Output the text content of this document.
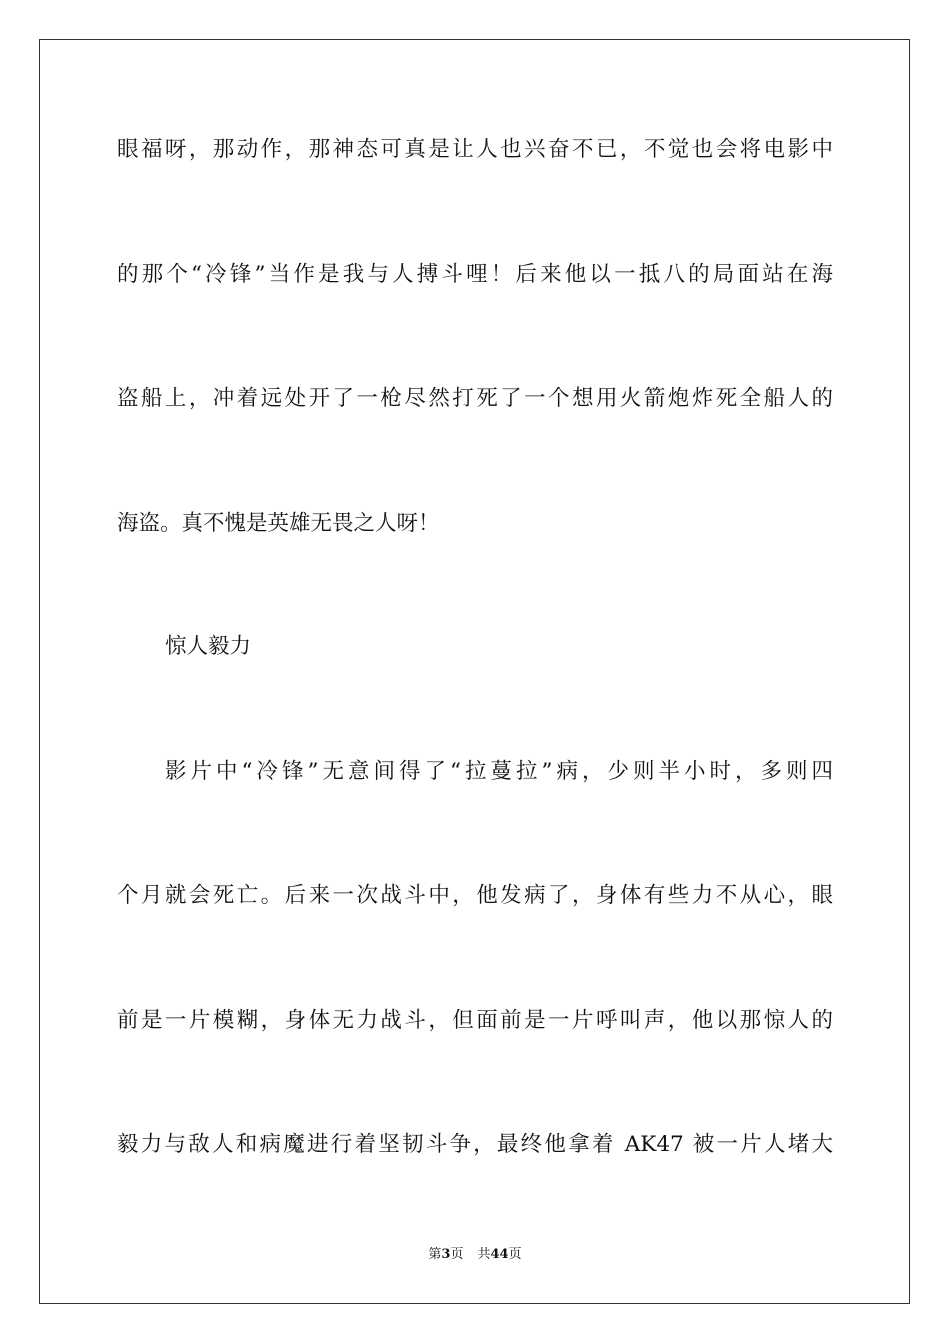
眼福呀，那动作，那神态可真是让人也兴奋不已，不觉也会将电影中
的那个“冷锋”当作是我与人搏斗哩！后来他以一抵八的局面站在海
盗船上，冲着远处开了一枪尽然打死了一个想用火箭炮炸死全船人的
海盗。真不愧是英雄无畏之人呀！
惊人毅力
影片中“冷锋”无意间得了“拉蔓拉”病，少则半小时，多则四
个月就会死亡。后来一次战斗中，他发病了，身体有些力不从心，眼
前是一片模糊，身体无力战斗，但面前是一片呼叫声，他以那惊人的
毅力与敌人和病魔进行着坚韧斗争，最终他拿着 AK47 被一片人堵大
第3页 共44页
